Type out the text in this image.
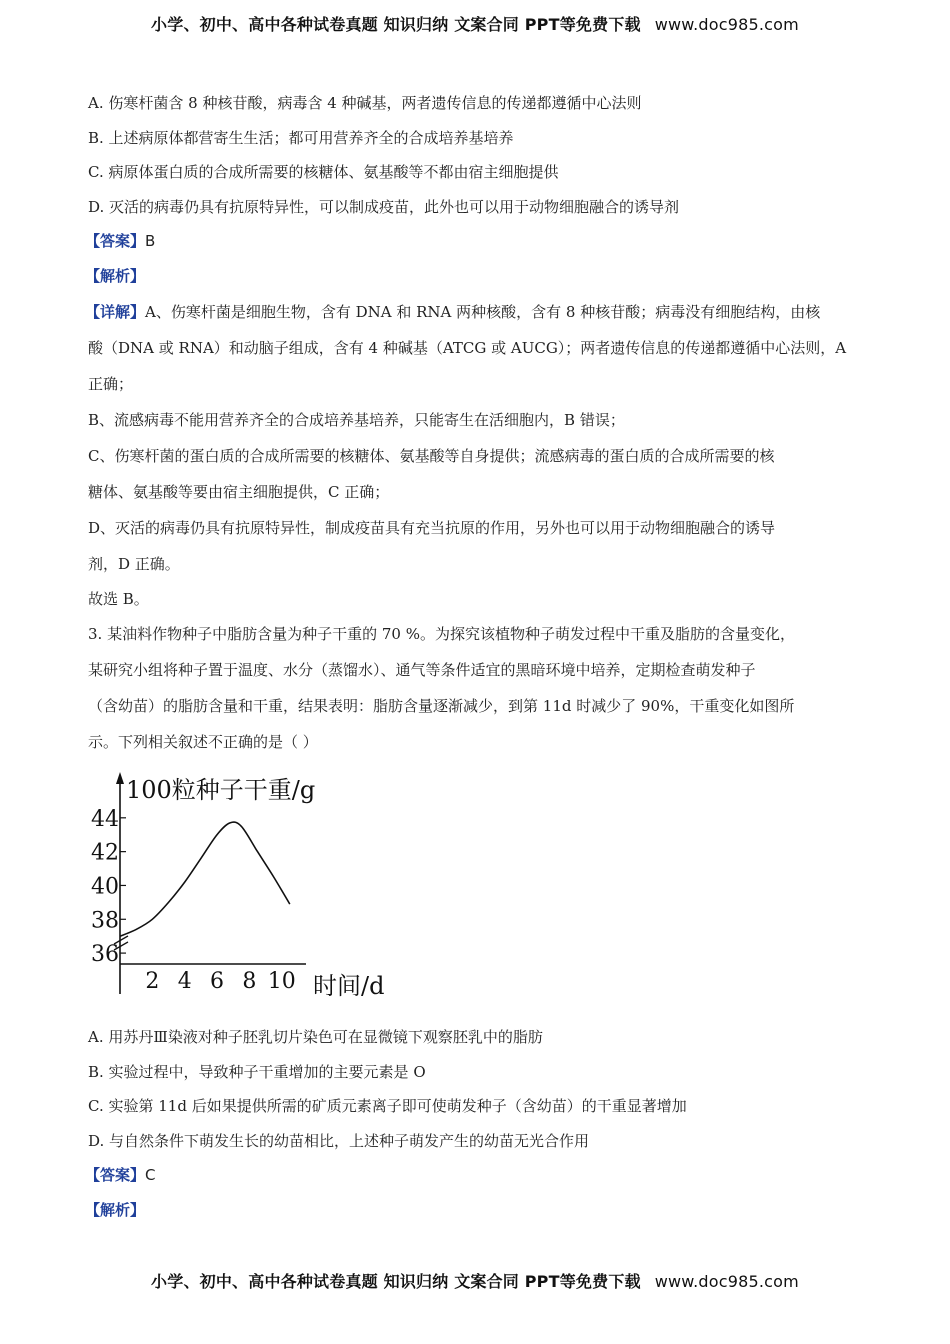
小学、初中、高中各种试卷真题 知识归纳 文案合同 PPT等免费下载 www.doc985.com
A. 伤寒杆菌含 8 种核苷酸，病毒含 4 种碱基，两者遗传信息的传递都遵循中心法则
B. 上述病原体都营寄生生活；都可用营养齐全的合成培养基培养
C. 病原体蛋白质的合成所需要的核糖体、氨基酸等不都由宿主细胞提供
D. 灭活的病毒仍具有抗原特异性，可以制成疫苗，此外也可以用于动物细胞融合的诱导剂
【答案】B
【解析】
【详解】A、伤寒杆菌是细胞生物，含有 DNA 和 RNA 两种核酸，含有 8 种核苷酸；病毒没有细胞结构，由核
酸（DNA 或 RNA）和动脑子组成，含有 4 种碱基（ATCG 或 AUCG）；两者遗传信息的传递都遵循中心法则，A
正确；
B、流感病毒不能用营养齐全的合成培养基培养，只能寄生在活细胞内，B 错误；
C、伤寒杆菌的蛋白质的合成所需要的核糖体、氨基酸等自身提供；流感病毒的蛋白质的合成所需要的核
糖体、氨基酸等要由宿主细胞提供，C 正确；
D、灭活的病毒仍具有抗原特异性，制成疫苗具有充当抗原的作用，另外也可以用于动物细胞融合的诱导
剂，D 正确。
故选 B。
3. 某油料作物种子中脂肪含量为种子干重的 70 %。为探究该植物种子萌发过程中干重及脂肪的含量变化，
某研究小组将种子置于温度、水分（蒸馏水）、通气等条件适宜的黑暗环境中培养，定期检查萌发种子
（含幼苗）的脂肪含量和干重，结果表明：脂肪含量逐渐减少，到第 11d 时减少了 90%，干重变化如图所
示。下列相关叙述不正确的是（ ）
100粒种子干重/g
时间/d
36
38
40
42
44
2 4 6 8 10
A. 用苏丹Ⅲ染液对种子胚乳切片染色可在显微镜下观察胚乳中的脂肪
B. 实验过程中，导致种子干重增加的主要元素是 O
C. 实验第 11d 后如果提供所需的矿质元素离子即可使萌发种子（含幼苗）的干重显著增加
D. 与自然条件下萌发生长的幼苗相比，上述种子萌发产生的幼苗无光合作用
【答案】C
【解析】
小学、初中、高中各种试卷真题 知识归纳 文案合同 PPT等免费下载 www.doc985.com
